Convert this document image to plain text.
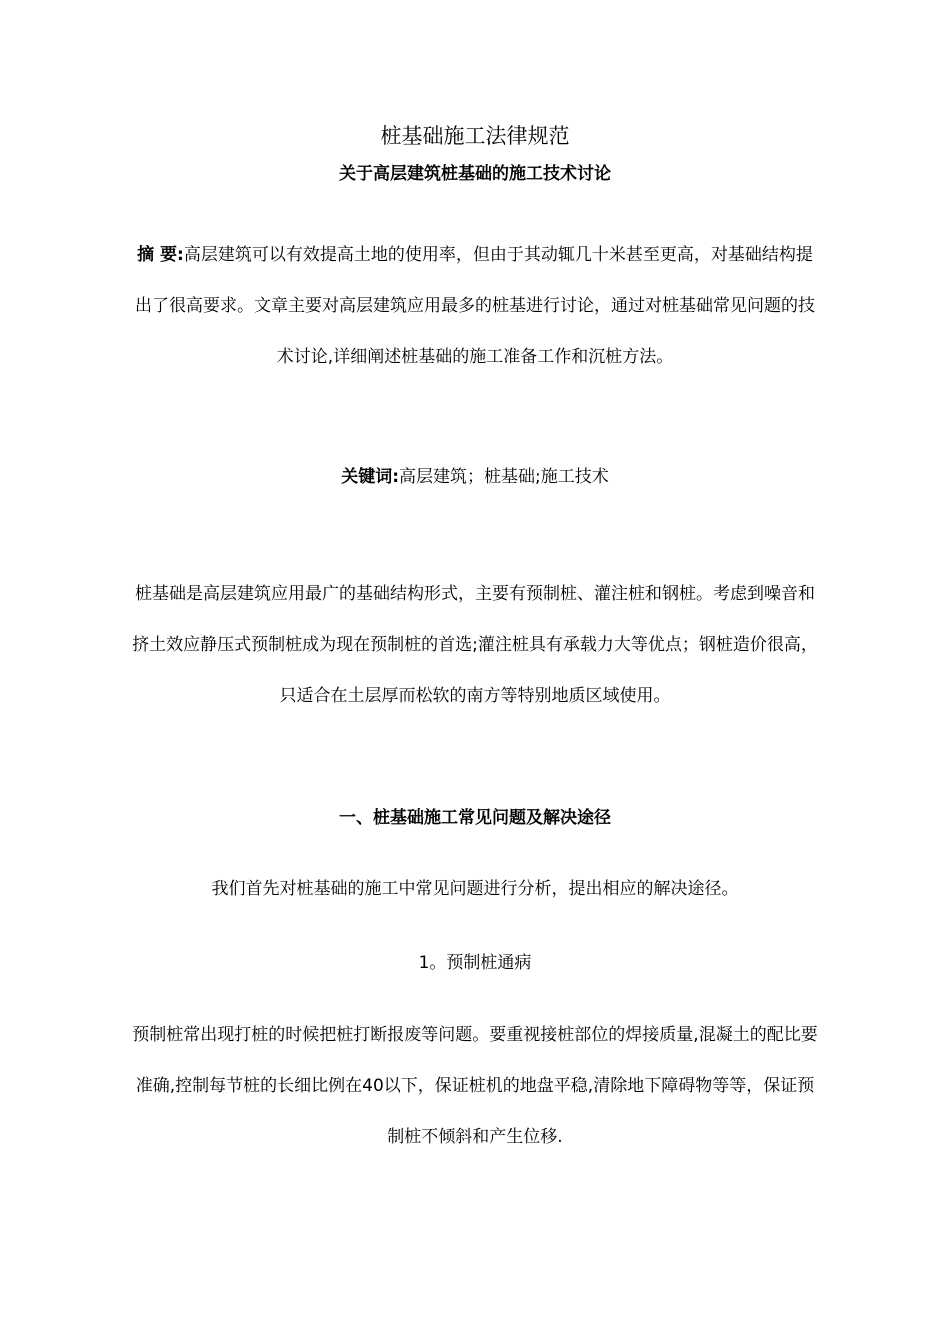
桩基础施工法律规范
关于高层建筑桩基础的施工技术讨论
摘 要:高层建筑可以有效提高土地的使用率，但由于其动辄几十米甚至更高，对基础结构提出了很高要求。文章主要对高层建筑应用最多的桩基进行讨论，通过对桩基础常见问题的技术讨论,详细阐述桩基础的施工准备工作和沉桩方法。
关键词:高层建筑；桩基础;施工技术
桩基础是高层建筑应用最广的基础结构形式，主要有预制桩、灌注桩和钢桩。考虑到噪音和挤土效应静压式预制桩成为现在预制桩的首选;灌注桩具有承载力大等优点；钢桩造价很高，只适合在土层厚而松软的南方等特别地质区域使用。
一、桩基础施工常见问题及解决途径
我们首先对桩基础的施工中常见问题进行分析，提出相应的解决途径。
1。预制桩通病
预制桩常出现打桩的时候把桩打断报废等问题。要重视接桩部位的焊接质量,混凝土的配比要准确,控制每节桩的长细比例在40以下，保证桩机的地盘平稳,清除地下障碍物等等，保证预制桩不倾斜和产生位移.
